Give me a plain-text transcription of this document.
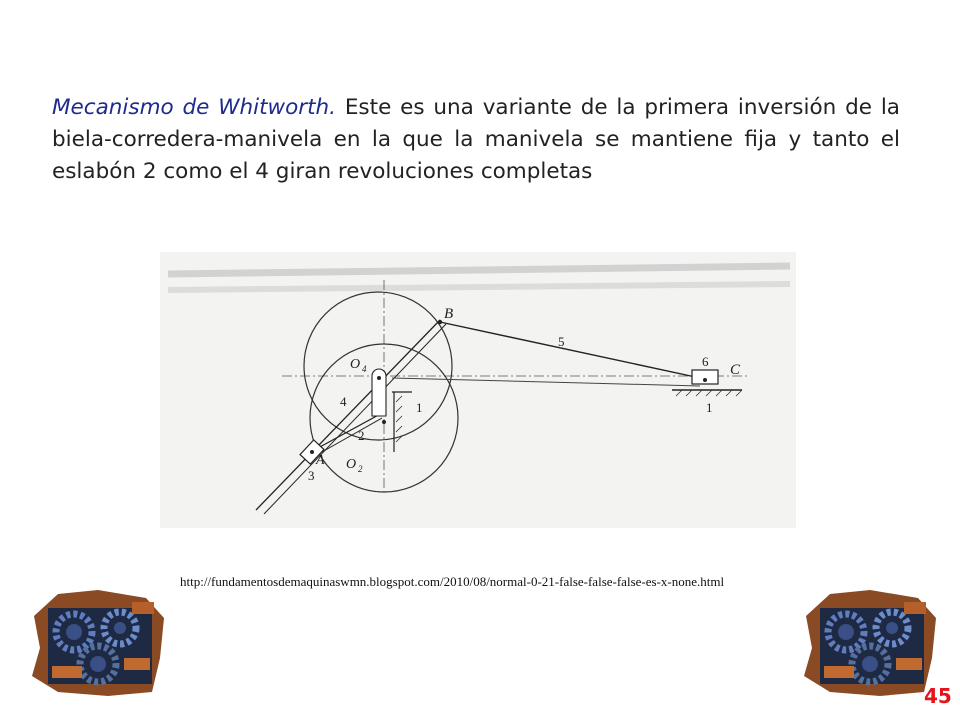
Mecanismo de Whitworth. Este es una variante de la primera inversión de la biela-corredera-manivela en la que la manivela se mantiene fija y tanto el eslabón 2 como el 4 giran revoluciones completas

B
C
A
O 4
O 2
1	1
2
3
4
5
6
http://fundamentosdemaquinaswmn.blogspot.com/2010/08/normal-0-21-false-false-false-es-x-none.html
45
